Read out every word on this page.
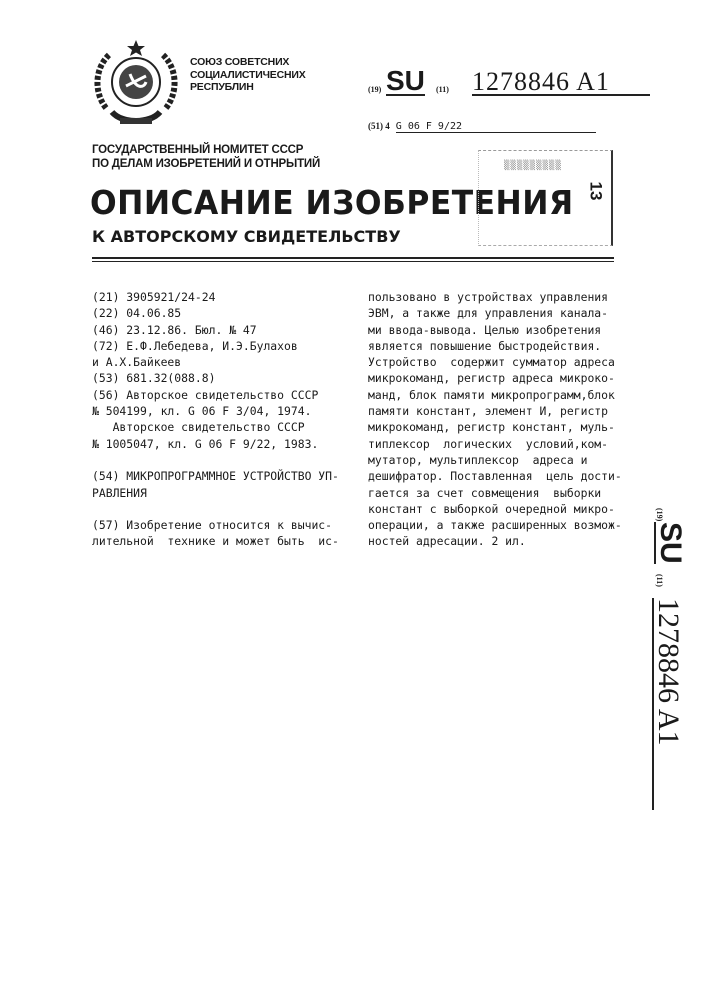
СОЮЗ СОВЕТСНИХ
СОЦИАЛИСТИЧЕСНИХ
РЕСПУБЛИН
ГОСУДАРСТВЕННЫЙ НОМИТЕТ СССР
ПО ДЕЛАМ ИЗОБРЕТЕНИЙ И ОТНРЫТИЙ
ОПИСАНИЕ ИЗОБРЕТЕНИЯ
К АВТОРСКОМУ СВИДЕТЕЛЬСТВУ
(19) SU (11) 1278846 A1
(51) 4 G 06 F 9/22
▒▒▒▒▒▒▒▒▒
13
(21) 3905921/24-24
(22) 04.06.85
(46) 23.12.86. Бюл. № 47
(72) Е.Ф.Лебедева, И.Э.Булахов
и А.Х.Байкеев
(53) 681.32(088.8)
(56) Авторское свидетельство СССР
№ 504199, кл. G 06 F 3/04, 1974.
Авторское свидетельство СССР
№ 1005047, кл. G 06 F 9/22, 1983.
(54) МИКРОПРОГРАММНОЕ УСТРОЙСТВО УП-
РАВЛЕНИЯ
(57) Изобретение относится к вычис-
лительной  технике и может быть  ис-
пользовано в устройствах управления
ЭВМ, а также для управления канала-
ми ввода-вывода. Целью изобретения
является повышение быстродействия.
Устройство  содержит сумматор адреса
микрокоманд, регистр адреса микроко-
манд, блок памяти микропрограмм,блок
памяти констант, элемент И, регистр
микрокоманд, регистр констант, муль-
типлексор  логических  условий,ком-
мутатор, мультиплексор  адреса и
дешифратор. Поставленная  цель дости-
гается за счет совмещения  выборки
констант с выборкой очередной микро-
операции, а также расширенных возмож-
ностей адресации. 2 ил.
(19)
SU
(11)
1278846 A1
